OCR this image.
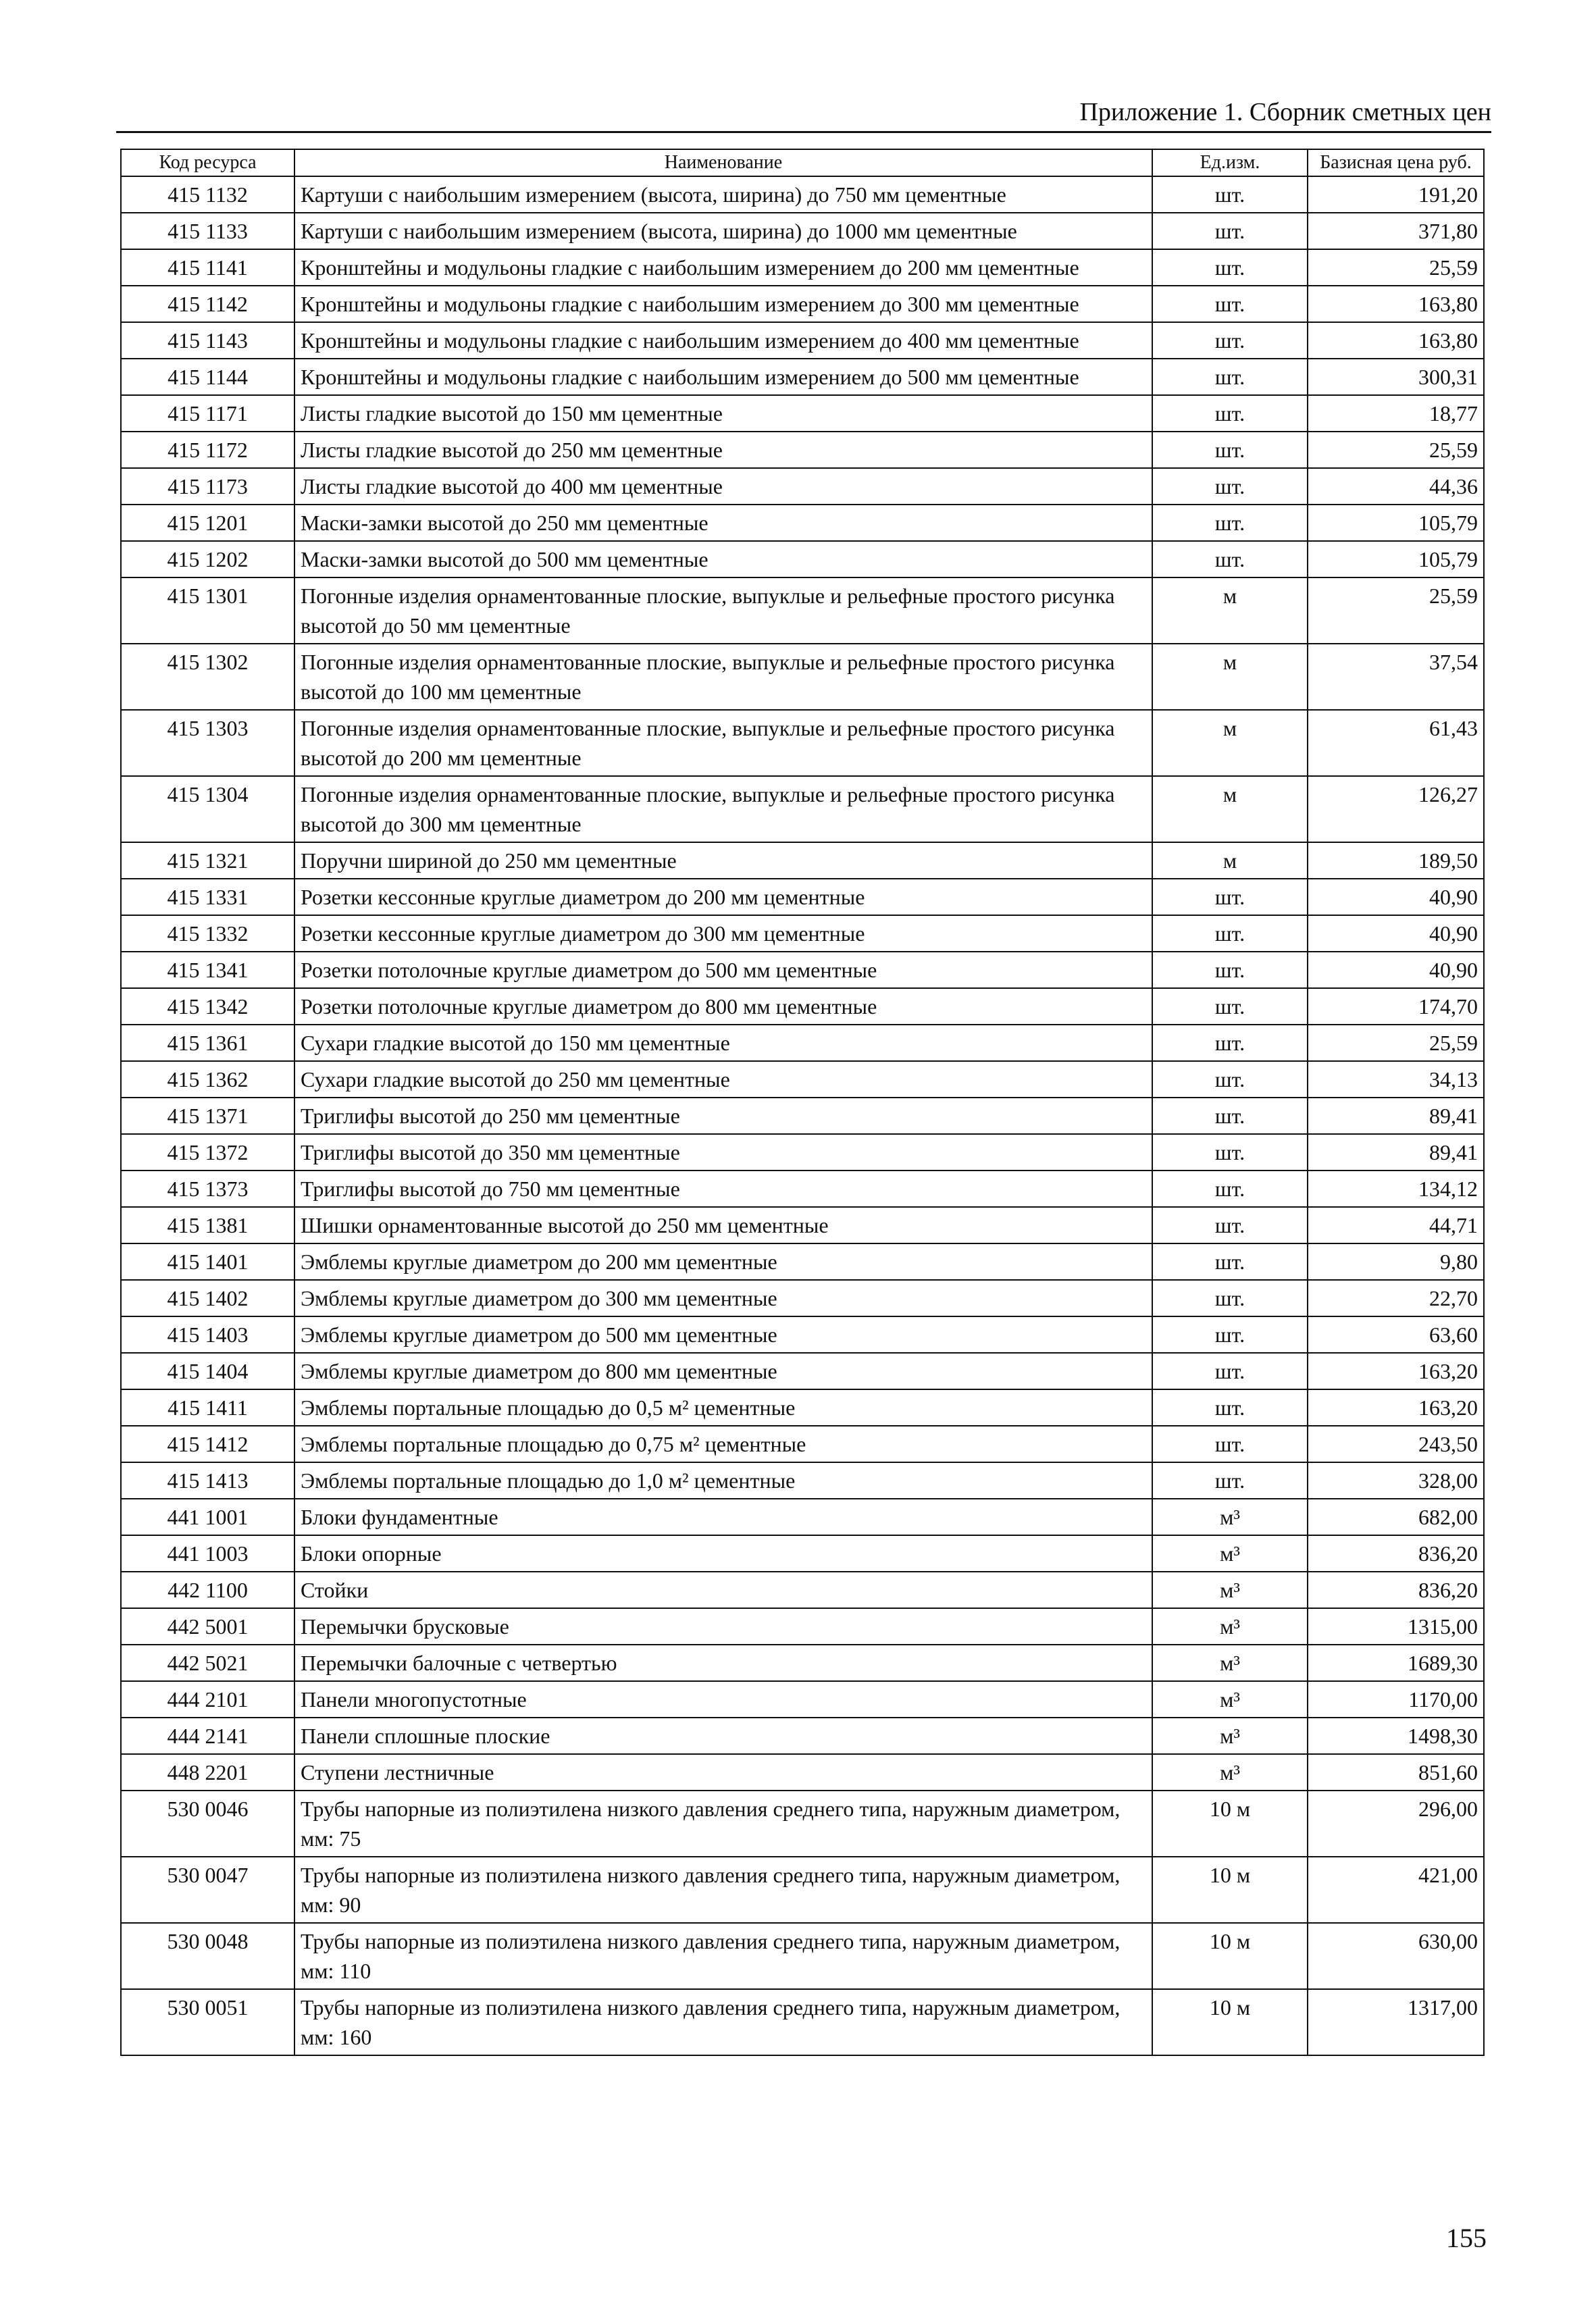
Приложение 1. Сборник сметных цен
Код ресурса	Наименование	Ед.изм.	Базисная цена руб.
415 1132	Картуши с наибольшим измерением (высота, ширина) до 750 мм цементные	шт.	191,20
415 1133	Картуши с наибольшим измерением (высота, ширина) до 1000 мм цементные	шт.	371,80
415 1141	Кронштейны и модульоны гладкие с наибольшим измерением до 200 мм цементные	шт.	25,59
415 1142	Кронштейны и модульоны гладкие с наибольшим измерением до 300 мм цементные	шт.	163,80
415 1143	Кронштейны и модульоны гладкие с наибольшим измерением до 400 мм цементные	шт.	163,80
415 1144	Кронштейны и модульоны гладкие с наибольшим измерением до 500 мм цементные	шт.	300,31
415 1171	Листы гладкие высотой до 150 мм цементные	шт.	18,77
415 1172	Листы гладкие высотой до 250 мм цементные	шт.	25,59
415 1173	Листы гладкие высотой до 400 мм цементные	шт.	44,36
415 1201	Маски-замки высотой до 250 мм цементные	шт.	105,79
415 1202	Маски-замки высотой до 500 мм цементные	шт.	105,79
415 1301	Погонные изделия орнаментованные плоские, выпуклые и рельефные простого рисунка высотой до 50 мм цементные	м	25,59
415 1302	Погонные изделия орнаментованные плоские, выпуклые и рельефные простого рисунка высотой до 100 мм цементные	м	37,54
415 1303	Погонные изделия орнаментованные плоские, выпуклые и рельефные простого рисунка высотой до 200 мм цементные	м	61,43
415 1304	Погонные изделия орнаментованные плоские, выпуклые и рельефные простого рисунка высотой до 300 мм цементные	м	126,27
415 1321	Поручни шириной до 250 мм цементные	м	189,50
415 1331	Розетки кессонные круглые диаметром до 200 мм цементные	шт.	40,90
415 1332	Розетки кессонные круглые диаметром до 300 мм цементные	шт.	40,90
415 1341	Розетки потолочные круглые диаметром до 500 мм цементные	шт.	40,90
415 1342	Розетки потолочные круглые диаметром до 800 мм цементные	шт.	174,70
415 1361	Сухари гладкие высотой до 150 мм цементные	шт.	25,59
415 1362	Сухари гладкие высотой до 250 мм цементные	шт.	34,13
415 1371	Триглифы высотой до 250 мм цементные	шт.	89,41
415 1372	Триглифы высотой до 350 мм цементные	шт.	89,41
415 1373	Триглифы высотой до 750 мм цементные	шт.	134,12
415 1381	Шишки орнаментованные высотой до 250 мм цементные	шт.	44,71
415 1401	Эмблемы круглые диаметром до 200 мм цементные	шт.	9,80
415 1402	Эмблемы круглые диаметром до 300 мм цементные	шт.	22,70
415 1403	Эмблемы круглые диаметром до 500 мм цементные	шт.	63,60
415 1404	Эмблемы круглые диаметром до 800 мм цементные	шт.	163,20
415 1411	Эмблемы портальные площадью до 0,5 м² цементные	шт.	163,20
415 1412	Эмблемы портальные площадью до 0,75 м² цементные	шт.	243,50
415 1413	Эмблемы портальные площадью до 1,0 м² цементные	шт.	328,00
441 1001	Блоки фундаментные	м³	682,00
441 1003	Блоки опорные	м³	836,20
442 1100	Стойки	м³	836,20
442 5001	Перемычки брусковые	м³	1315,00
442 5021	Перемычки балочные с четвертью	м³	1689,30
444 2101	Панели многопустотные	м³	1170,00
444 2141	Панели сплошные плоские	м³	1498,30
448 2201	Ступени лестничные	м³	851,60
530 0046	Трубы напорные из полиэтилена низкого давления среднего типа, наружным диаметром, мм: 75	10 м	296,00
530 0047	Трубы напорные из полиэтилена низкого давления среднего типа, наружным диаметром, мм: 90	10 м	421,00
530 0048	Трубы напорные из полиэтилена низкого давления среднего типа, наружным диаметром, мм: 110	10 м	630,00
530 0051	Трубы напорные из полиэтилена низкого давления среднего типа, наружным диаметром, мм: 160	10 м	1317,00
155
